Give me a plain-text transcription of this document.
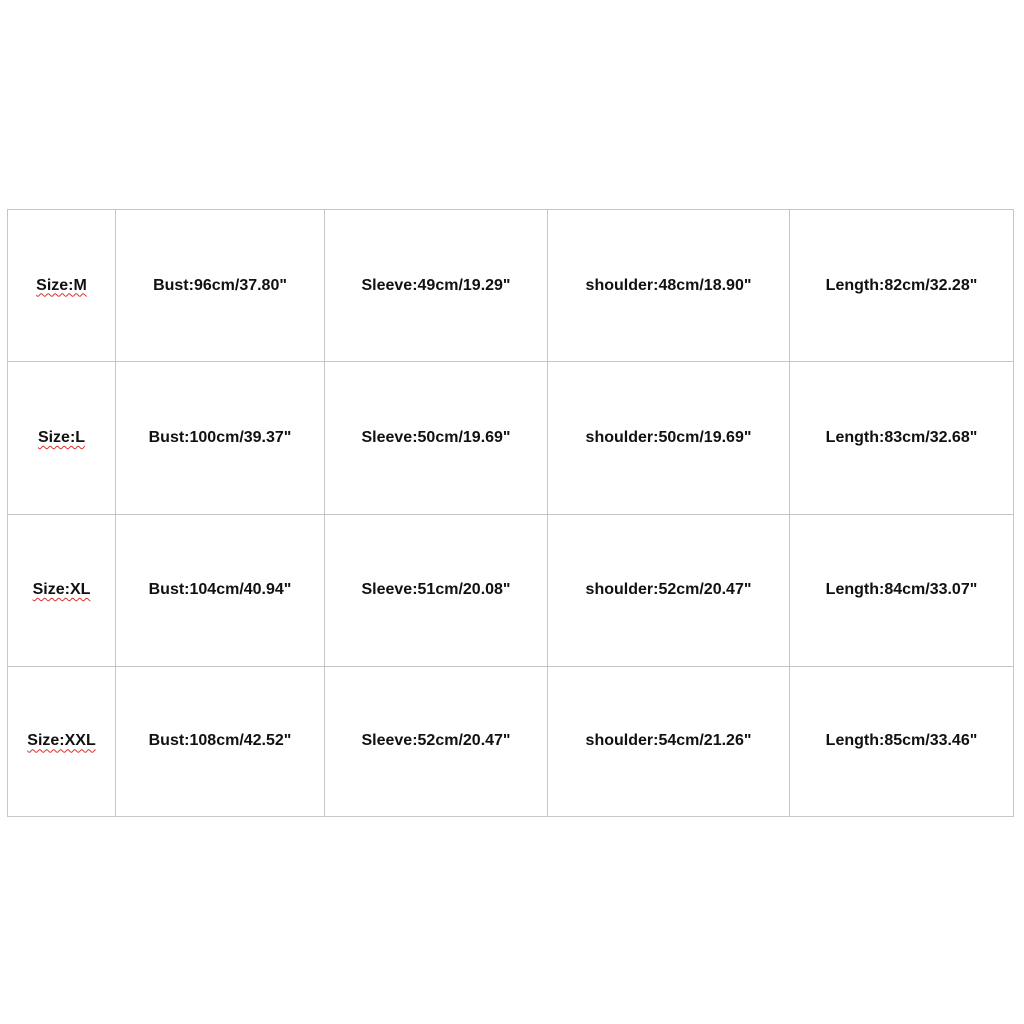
Size:M	Bust:96cm/37.80"	Sleeve:49cm/19.29"	shoulder:48cm/18.90"	Length:82cm/32.28"
Size:L	Bust:100cm/39.37"	Sleeve:50cm/19.69"	shoulder:50cm/19.69"	Length:83cm/32.68"
Size:XL	Bust:104cm/40.94"	Sleeve:51cm/20.08"	shoulder:52cm/20.47"	Length:84cm/33.07"
Size:XXL	Bust:108cm/42.52"	Sleeve:52cm/20.47"	shoulder:54cm/21.26"	Length:85cm/33.46"
